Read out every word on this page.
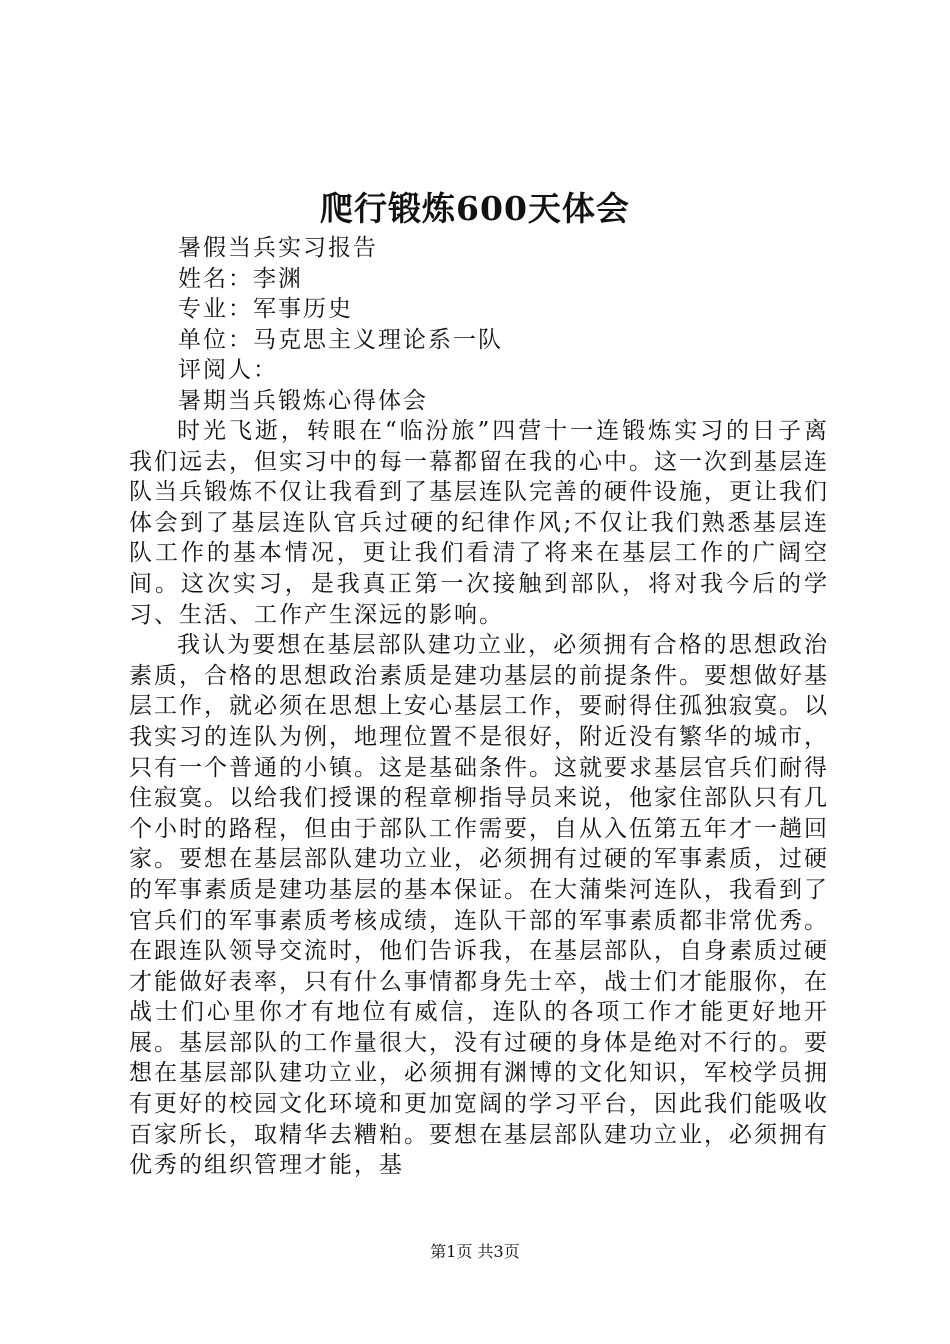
爬行锻炼600天体会
暑假当兵实习报告
姓名：李渊
专业：军事历史
单位：马克思主义理论系一队
评阅人：
暑期当兵锻炼心得体会

时光飞逝，转眼在“临汾旅”四营十一连锻炼实习的日子离我们远去，但实习中的每一幕都留在我的心中。这一次到基层连队当兵锻炼不仅让我看到了基层连队完善的硬件设施，更让我们体会到了基层连队官兵过硬的纪律作风;不仅让我们熟悉基层连队工作的基本情况，更让我们看清了将来在基层工作的广阔空间。这次实习，是我真正第一次接触到部队，将对我今后的学习、生活、工作产生深远的影响。

我认为要想在基层部队建功立业，必须拥有合格的思想政治素质，合格的思想政治素质是建功基层的前提条件。要想做好基层工作，就必须在思想上安心基层工作，要耐得住孤独寂寞。以我实习的连队为例，地理位置不是很好，附近没有繁华的城市，只有一个普通的小镇。这是基础条件。这就要求基层官兵们耐得住寂寞。以给我们授课的程章柳指导员来说，他家住部队只有几个小时的路程，但由于部队工作需要，自从入伍第五年才一趟回家。要想在基层部队建功立业，必须拥有过硬的军事素质，过硬的军事素质是建功基层的基本保证。在大蒲柴河连队，我看到了官兵们的军事素质考核成绩，连队干部的军事素质都非常优秀。在跟连队领导交流时，他们告诉我，在基层部队，自身素质过硬才能做好表率，只有什么事情都身先士卒，战士们才能服你，在战士们心里你才有地位有威信，连队的各项工作才能更好地开展。基层部队的工作量很大，没有过硬的身体是绝对不行的。要想在基层部队建功立业，必须拥有渊博的文化知识，军校学员拥有更好的校园文化环境和更加宽阔的学习平台，因此我们能吸收百家所长，取精华去糟粕。要想在基层部队建功立业，必须拥有优秀的组织管理才能，基

第1页 共3页
